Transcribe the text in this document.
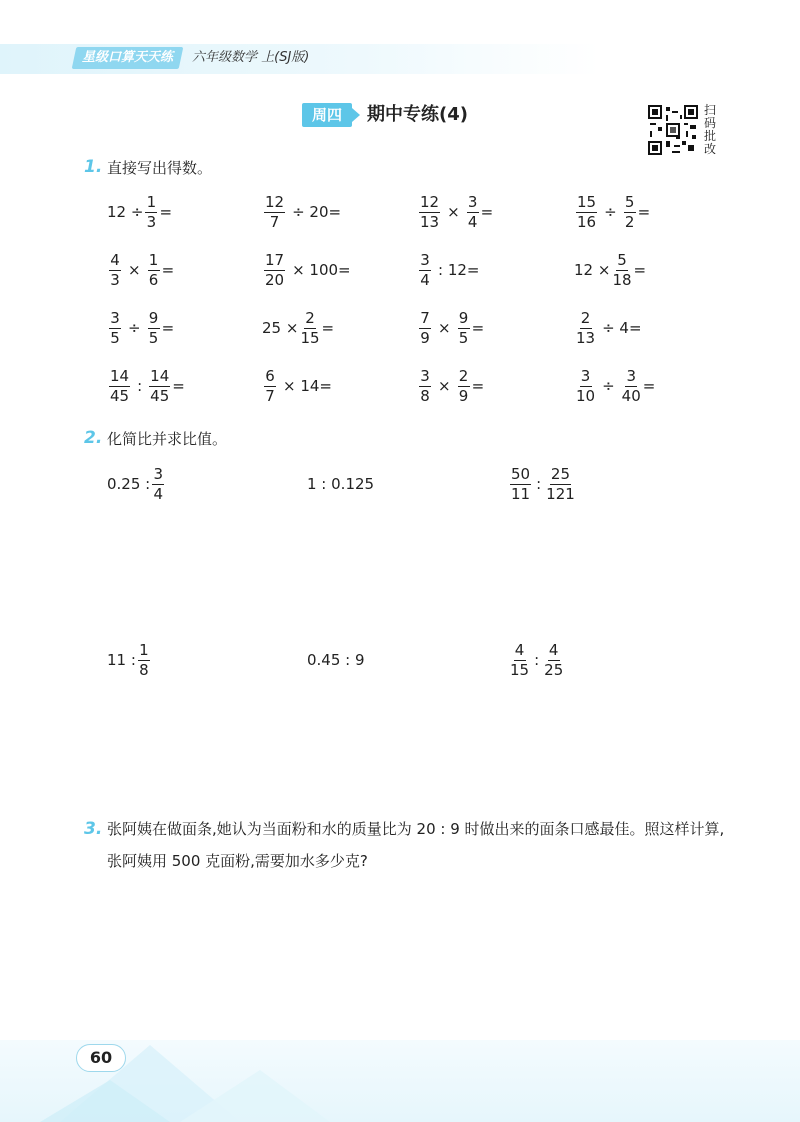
星级口算天天练	六年级数学 上(SJ版)
周四	期中专练(4)	扫码批改
1. 直接写出得数。
$12 \div \frac{1}{3}$ =	$\frac{12}{7} \div 20=$	$\frac{12}{13} \times \frac{3}{4}$ =	$\frac{15}{16} \div \frac{5}{2}$ =
$\frac{4}{3} \times \frac{1}{6}$ =	$\frac{17}{20} \times 100=$	$\frac{3}{4}$ : 12=	$12 \times \frac{5}{18}$ =
$\frac{3}{5} \div \frac{9}{5}$ =	$25 \times \frac{2}{15}$ =	$\frac{7}{9} \times \frac{9}{5}$ =	$\frac{2}{13} \div 4=$
$\frac{14}{45}$ : $\frac{14}{45}$ =	$\frac{6}{7} \times 14=$	$\frac{3}{8} \times \frac{2}{9}$ =	$\frac{3}{10} \div \frac{3}{40}$ =
2. 化简比并求比值。
0.25 : $\frac{3}{4}$	1 : 0.125	$\frac{50}{11}$ : $\frac{25}{121}$
11 : $\frac{1}{8}$	0.45 : 9	$\frac{4}{15}$ : $\frac{4}{25}$
3. 张阿姨在做面条,她认为当面粉和水的质量比为 20 : 9 时做出来的面条口感最佳。照这样计算,张阿姨用 500 克面粉,需要加水多少克?
60
